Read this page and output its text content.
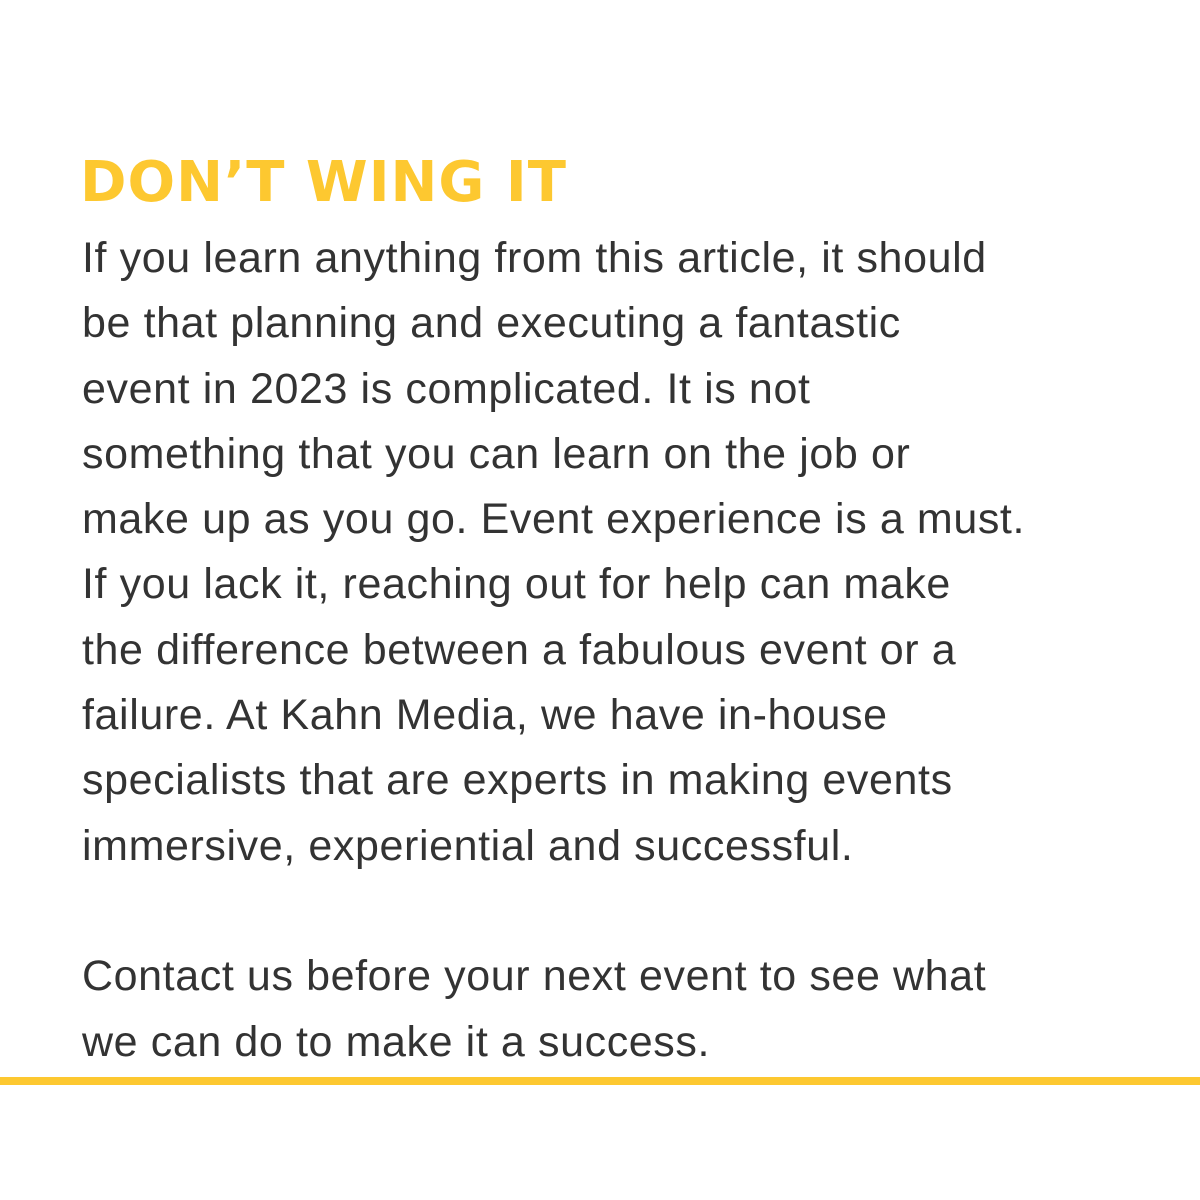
DON’T WING IT
If you learn anything from this article, it should
be that planning and executing a fantastic
event in 2023 is complicated. It is not
something that you can learn on the job or
make up as you go. Event experience is a must.
If you lack it, reaching out for help can make
the difference between a fabulous event or a
failure. At Kahn Media, we have in-house
specialists that are experts in making events
immersive, experiential and successful.
Contact us before your next event to see what
we can do to make it a success.
